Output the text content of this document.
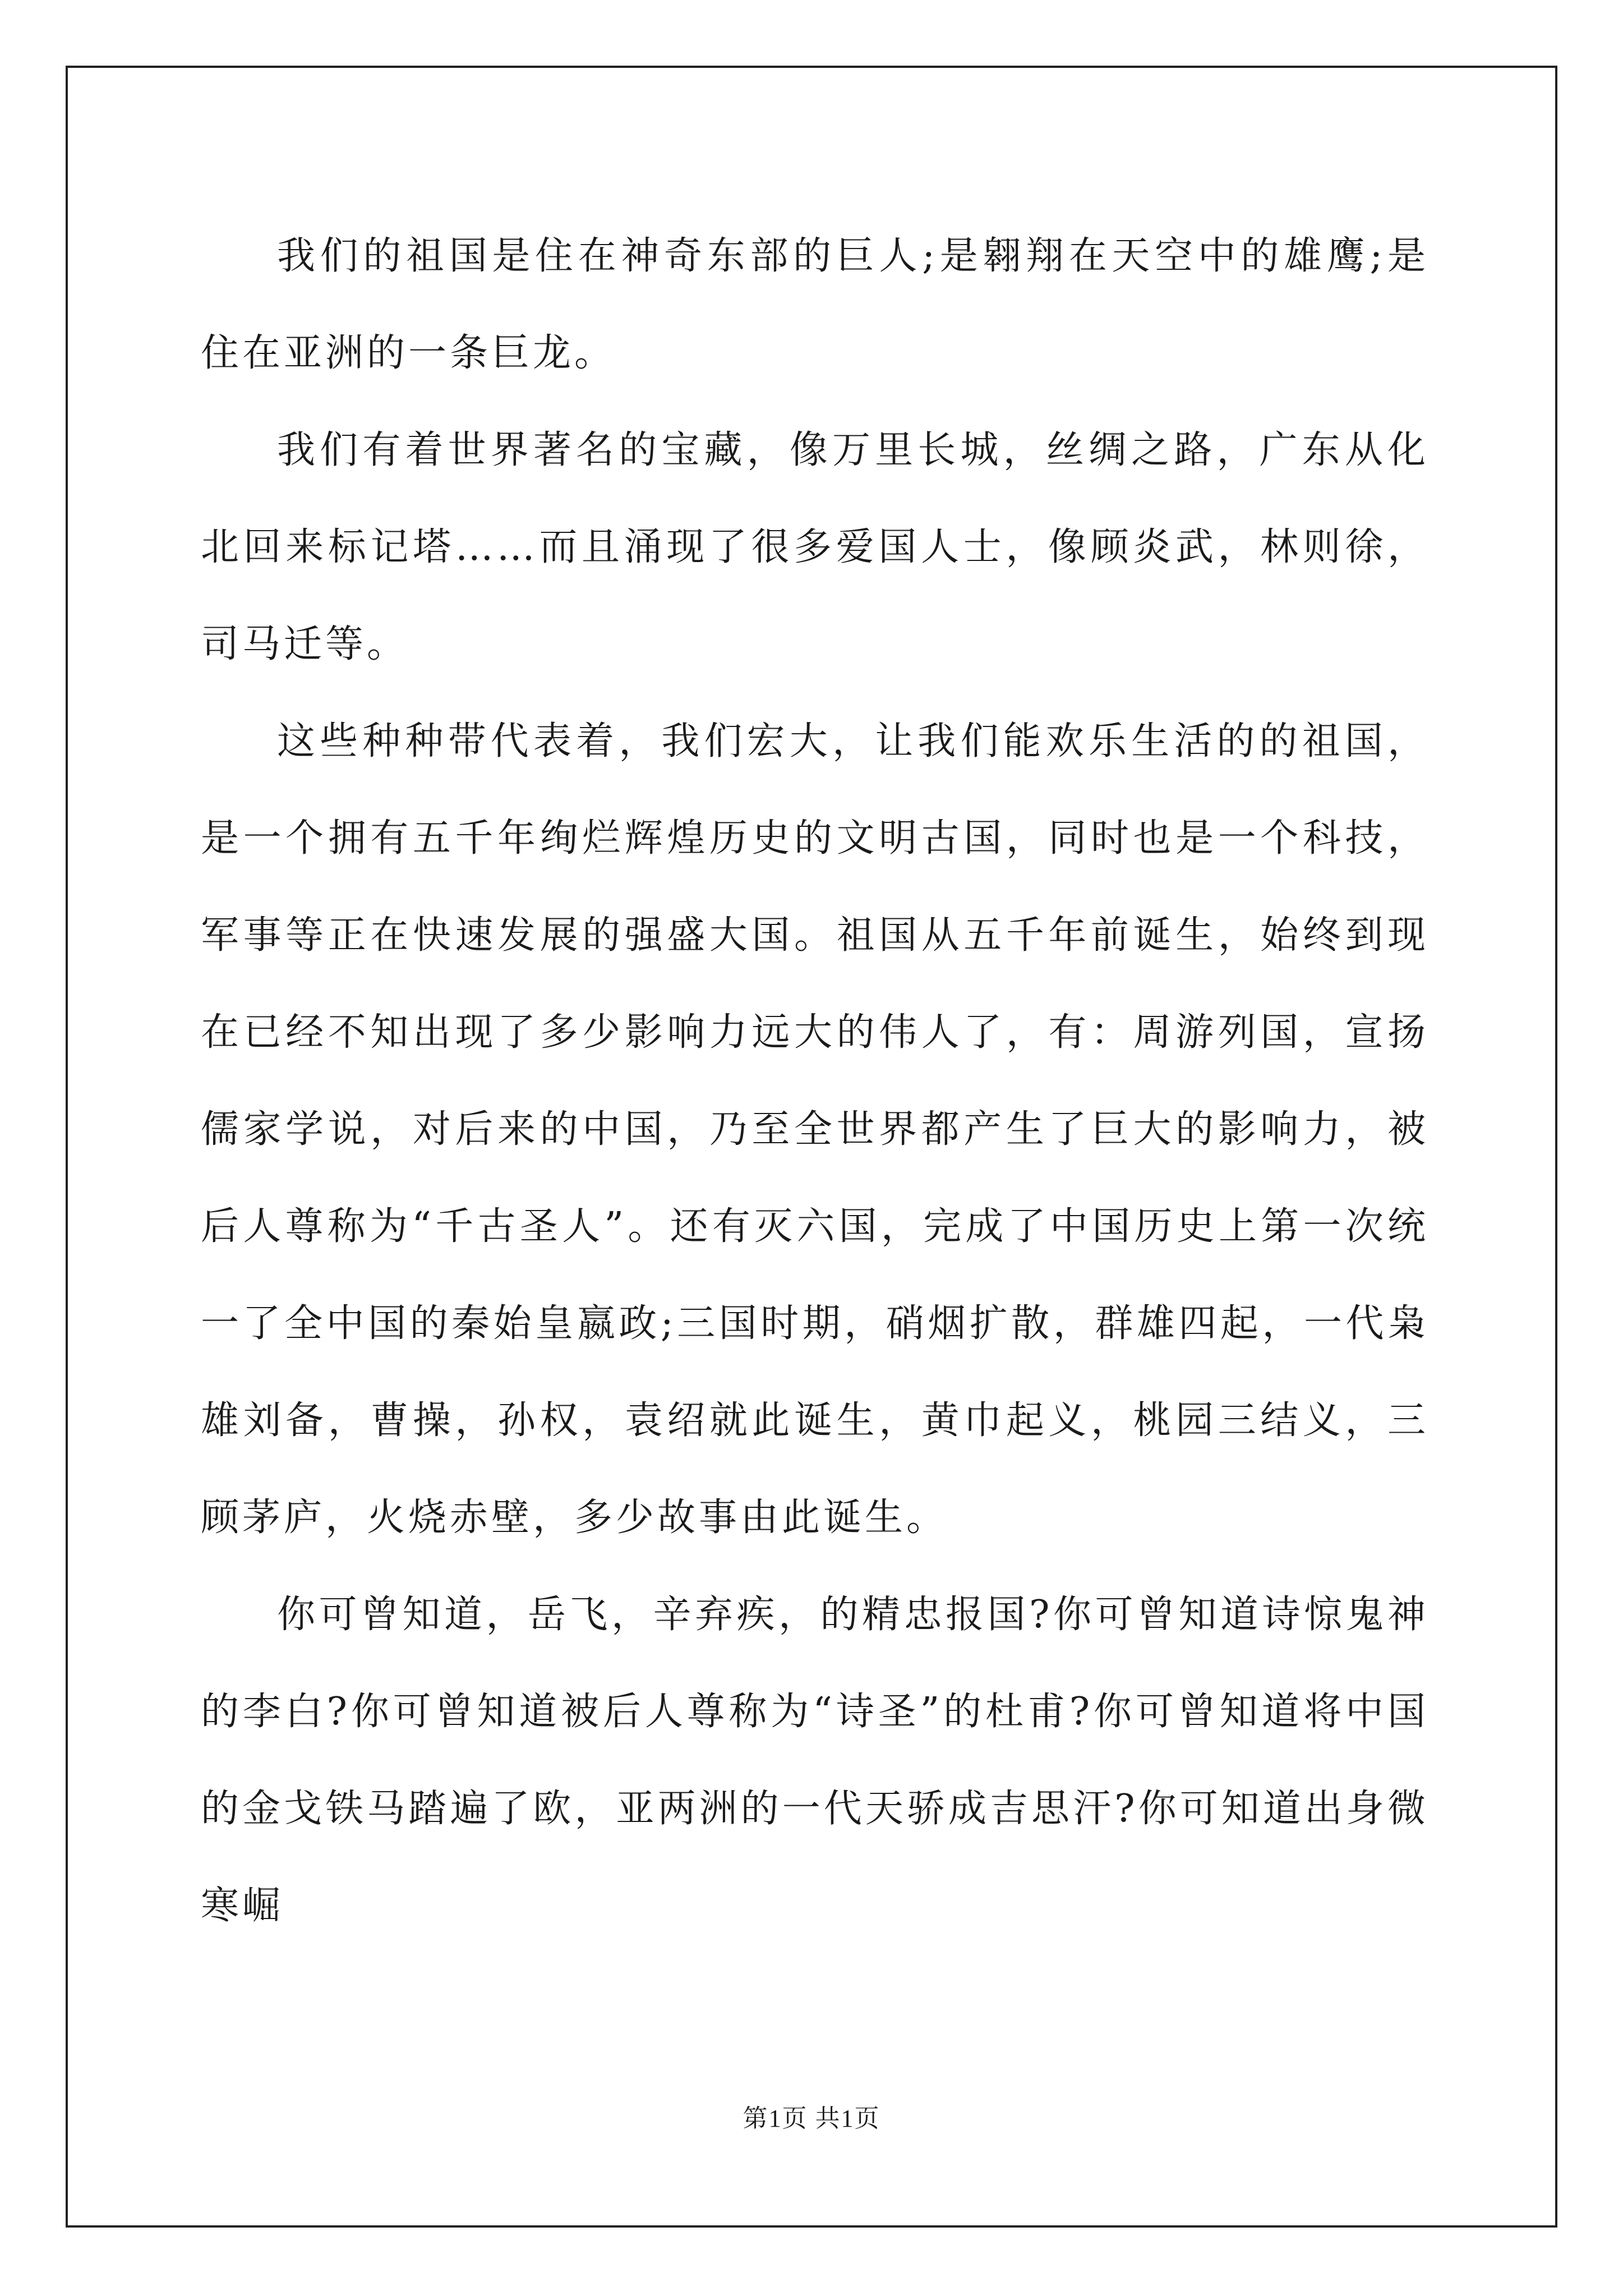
我们的祖国是住在神奇东部的巨人;是翱翔在天空中的雄鹰;是住在亚洲的一条巨龙。

我们有着世界著名的宝藏，像万里长城，丝绸之路，广东从化北回来标记塔……而且涌现了很多爱国人士，像顾炎武，林则徐，司马迁等。

这些种种带代表着，我们宏大，让我们能欢乐生活的的祖国，是一个拥有五千年绚烂辉煌历史的文明古国，同时也是一个科技，军事等正在快速发展的强盛大国。祖国从五千年前诞生，始终到现在已经不知出现了多少影响力远大的伟人了，有：周游列国，宣扬儒家学说，对后来的中国，乃至全世界都产生了巨大的影响力，被后人尊称为“千古圣人”。还有灭六国，完成了中国历史上第一次统一了全中国的秦始皇嬴政;三国时期，硝烟扩散，群雄四起，一代枭雄刘备，曹操，孙权，袁绍就此诞生，黄巾起义，桃园三结义，三顾茅庐，火烧赤壁，多少故事由此诞生。

你可曾知道，岳飞，辛弃疾，的精忠报国?你可曾知道诗惊鬼神的李白?你可曾知道被后人尊称为“诗圣”的杜甫?你可曾知道将中国的金戈铁马踏遍了欧，亚两洲的一代天骄成吉思汗?你可知道出身微寒崛

第1页 共1页
